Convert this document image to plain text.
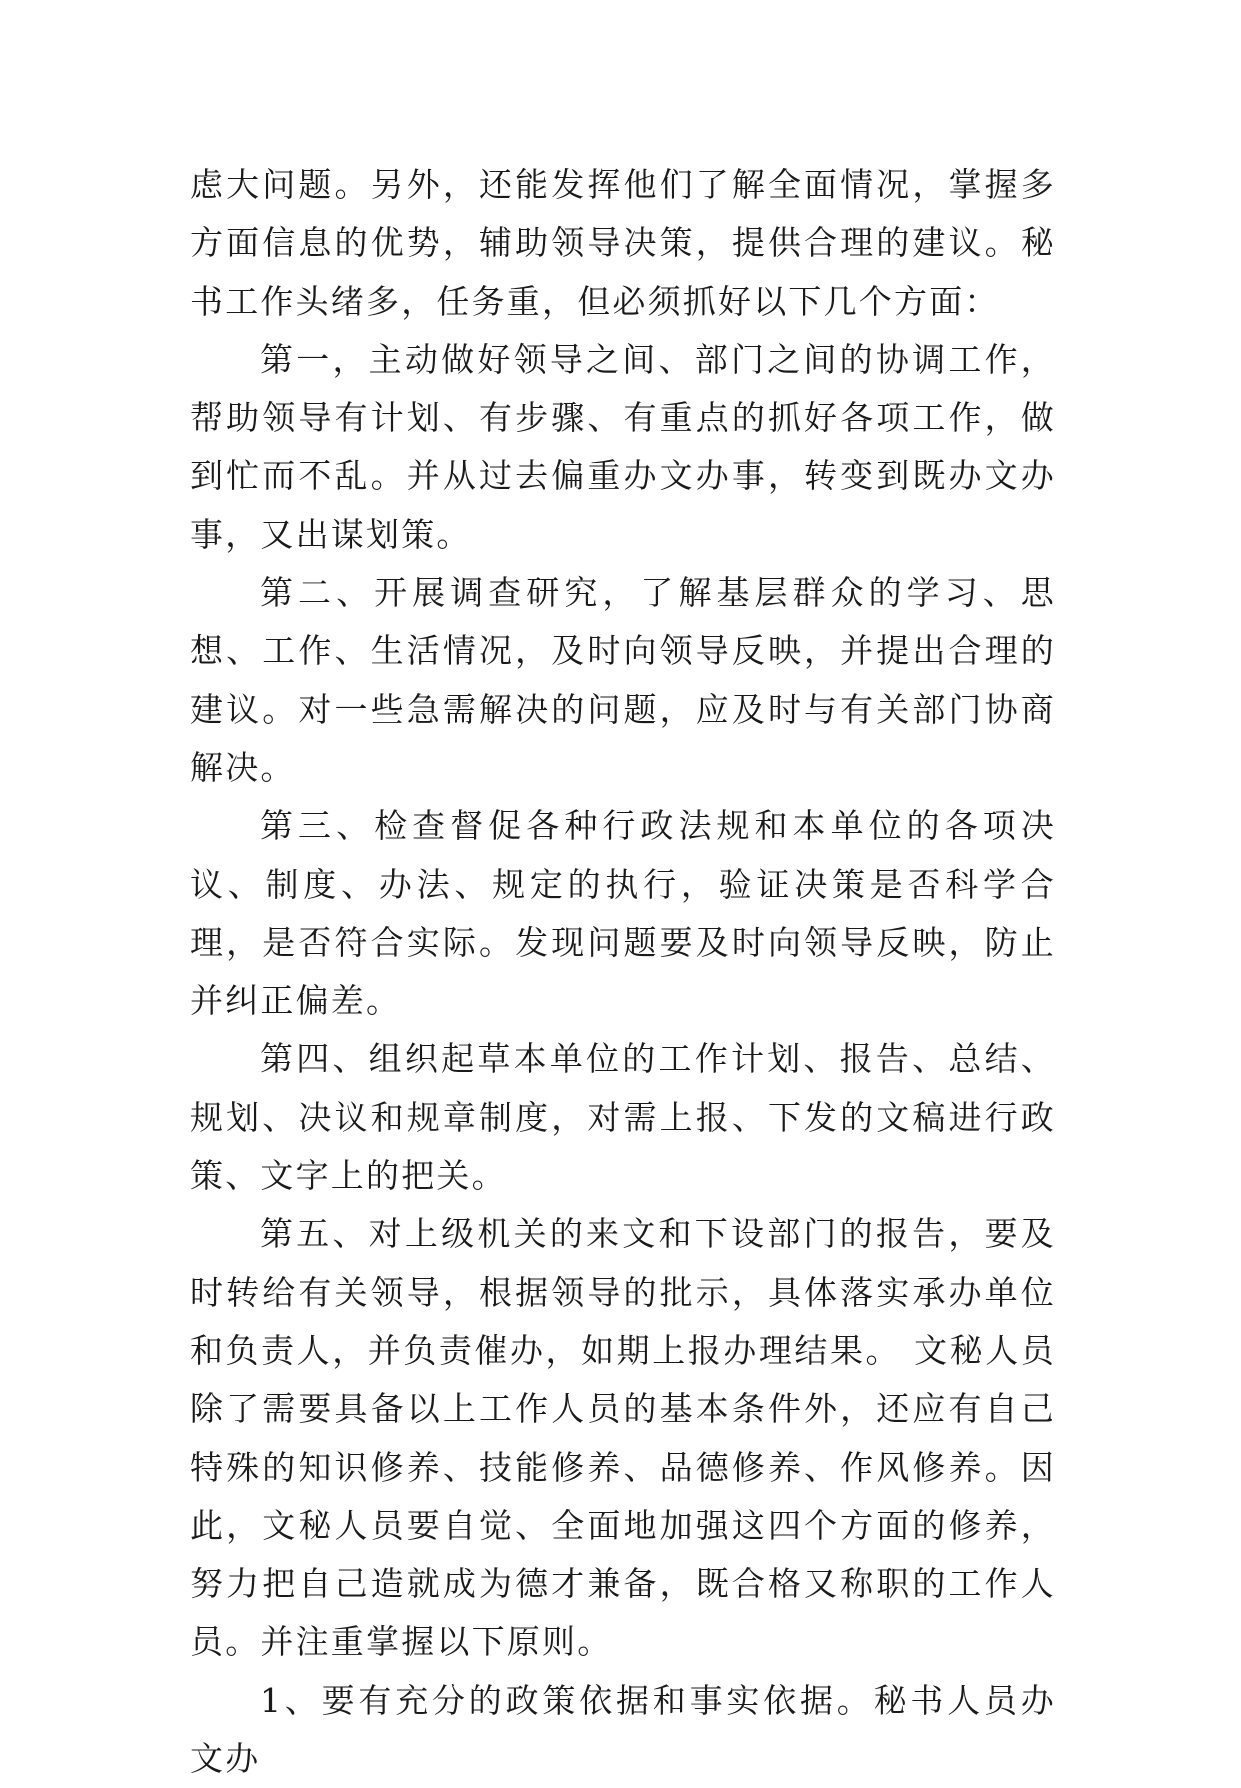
虑大问题。另外，还能发挥他们了解全面情况，掌握多方面信息的优势，辅助领导决策，提供合理的建议。秘书工作头绪多，任务重，但必须抓好以下几个方面：

第一，主动做好领导之间、部门之间的协调工作，帮助领导有计划、有步骤、有重点的抓好各项工作，做到忙而不乱。并从过去偏重办文办事，转变到既办文办事，又出谋划策。

第二、开展调查研究，了解基层群众的学习、思想、工作、生活情况，及时向领导反映，并提出合理的建议。对一些急需解决的问题，应及时与有关部门协商解决。

第三、检查督促各种行政法规和本单位的各项决议、制度、办法、规定的执行，验证决策是否科学合理，是否符合实际。发现问题要及时向领导反映，防止并纠正偏差。

第四、组织起草本单位的工作计划、报告、总结、规划、决议和规章制度，对需上报、下发的文稿进行政策、文字上的把关。

第五、对上级机关的来文和下设部门的报告，要及时转给有关领导，根据领导的批示，具体落实承办单位和负责人，并负责催办，如期上报办理结果。 文秘人员除了需要具备以上工作人员的基本条件外，还应有自己特殊的知识修养、技能修养、品德修养、作风修养。因此，文秘人员要自觉、全面地加强这四个方面的修养，努力把自己造就成为德才兼备，既合格又称职的工作人员。并注重掌握以下原则。

1、要有充分的政策依据和事实依据。秘书人员办文办
